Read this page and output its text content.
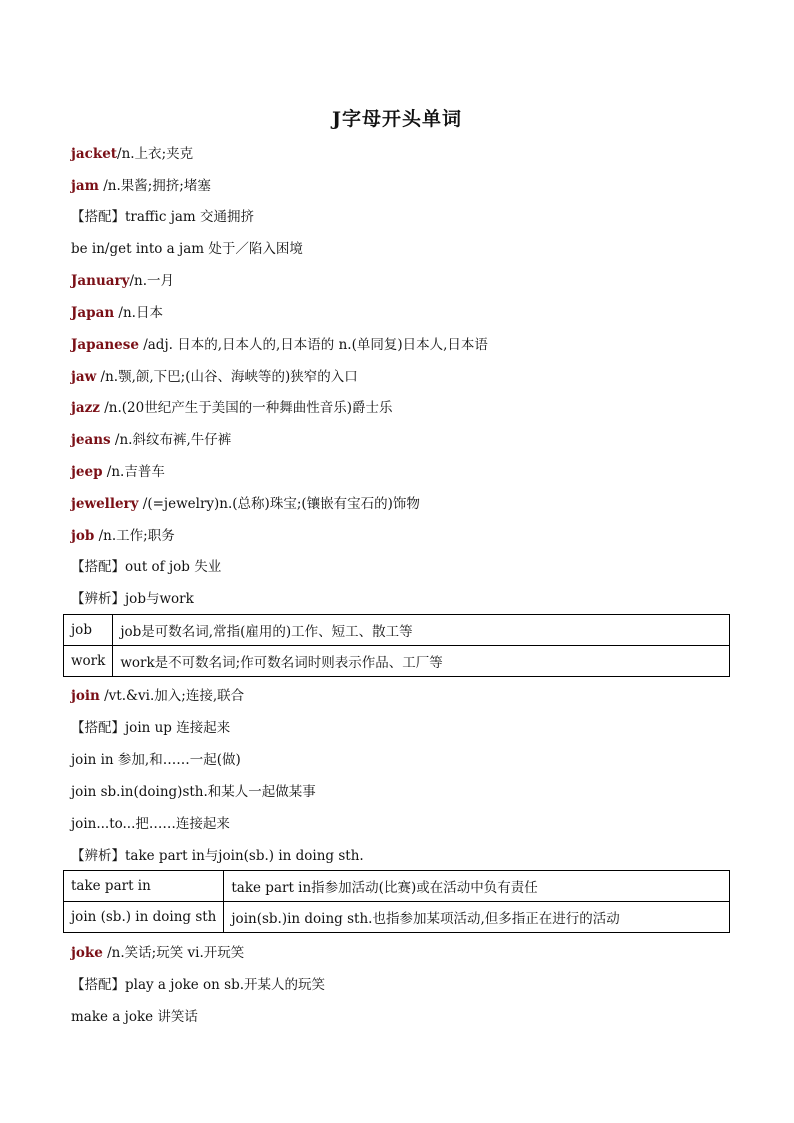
J字母开头单词
jacket/n.上衣;夹克
jam /n.果酱;拥挤;堵塞
【搭配】traffic jam 交通拥挤
be in/get into a jam 处于／陷入困境
January/n.一月
Japan /n.日本
Japanese /adj. 日本的,日本人的,日本语的 n.(单同复)日本人,日本语
jaw /n.颚,颌,下巴;(山谷、海峡等的)狭窄的入口
jazz /n.(20世纪产生于美国的一种舞曲性音乐)爵士乐
jeans /n.斜纹布裤,牛仔裤
jeep /n.吉普车
jewellery /(=jewelry)n.(总称)珠宝;(镶嵌有宝石的)饰物
job /n.工作;职务
【搭配】out of job 失业
【辨析】job与work
job	job是可数名词,常指(雇用的)工作、短工、散工等
work	work是不可数名词;作可数名词时则表示作品、工厂等
join /vt.&vi.加入;连接,联合
【搭配】join up 连接起来
join in 参加,和……一起(做)
join sb.in(doing)sth.和某人一起做某事
join...to...把……连接起来
【辨析】take part in与join(sb.) in doing sth.
take part in	take part in指参加活动(比赛)或在活动中负有责任
join (sb.) in doing sth	join(sb.)in doing sth.也指参加某项活动,但多指正在进行的活动
joke /n.笑话;玩笑 vi.开玩笑
【搭配】play a joke on sb.开某人的玩笑
make a joke 讲笑话
